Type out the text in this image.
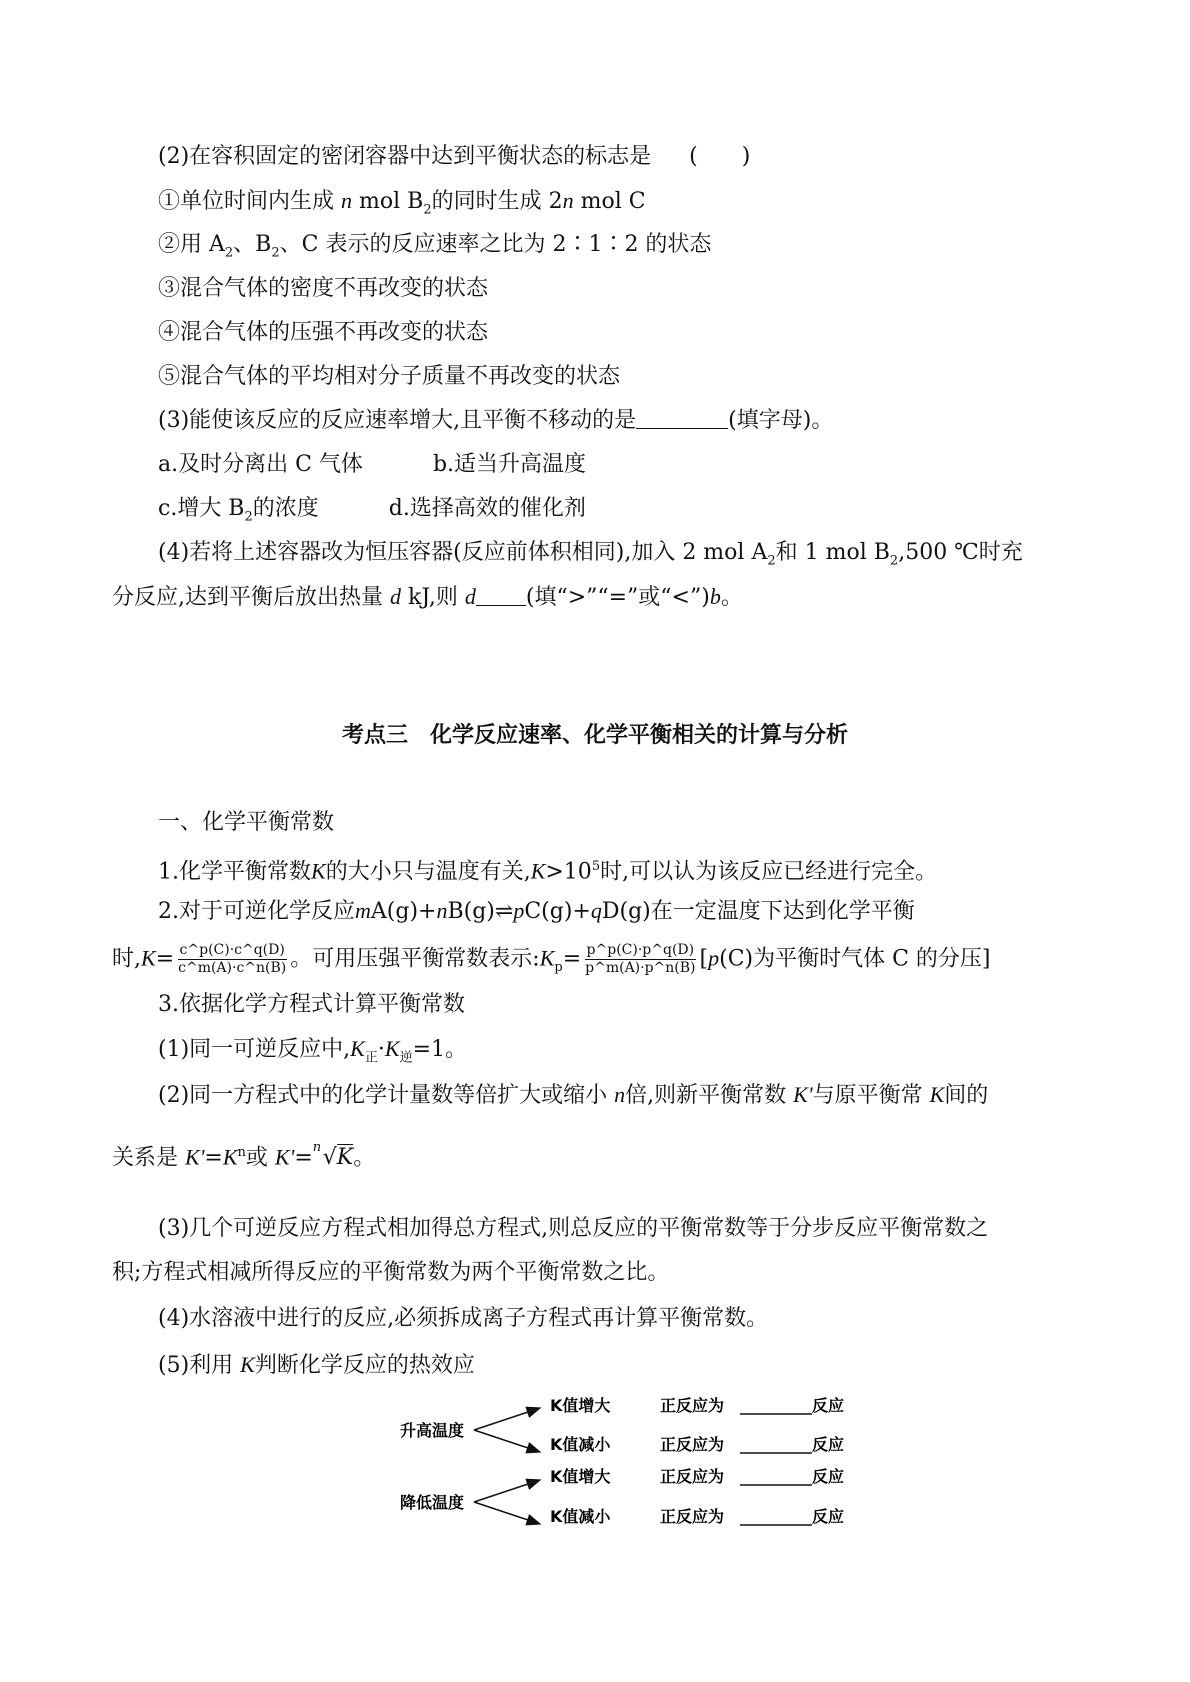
(2)在容积固定的密闭容器中达到平衡状态的标志是 (　　)
①单位时间内生成 n mol $B_2$的同时生成 2n mol C
②用 $A_2$、$B_2$、C 表示的反应速率之比为 2∶1∶2 的状态
③混合气体的密度不再改变的状态
④混合气体的压强不再改变的状态
⑤混合气体的平均相对分子质量不再改变的状态
(3)能使该反应的反应速率增大,且平衡不移动的是	(填字母)。
a.及时分离出 C 气体	b.适当升高温度
c.增大 $B_2$的浓度	d.选择高效的催化剂
(4)若将上述容器改为恒压容器(反应前体积相同),加入 2 mol $A_2$和 1 mol $B_2,500$ ℃时充
分反应,达到平衡后放出热量 d kJ,则 d (填“>”“=”或“<”)b。
考点三　化学反应速率、化学平衡相关的计算与分析
一、化学平衡常数
1.化学平衡常数K的大小只与温度有关$,K>10^5$时,可以认为该反应已经进行完全。
2.对于可逆化学反应mA(g)+nB(g)⇌pC(g)+qD(g)在一定温度下达到化学平衡
时$,K= \frac{c\^{}p(C)\cdot c\^{}q(D)}{c\^{}m(A)\cdot c\^{}n(B)}$ 。可用压强平衡常数表示$:K_p= \frac{p\^{}p(C)\cdot p\^{}q(D)}{p\^{}m(A)\cdot p\^{}n(B)} [p(C)$为平衡时气体 C 的分压]
3.依据化学方程式计算平衡常数
(1)同一可逆反应中$,K_正\cdot K_逆=1$。
(2)同一方程式中的化学计量数等倍扩大或缩小 n倍,则新平衡常数 K'与原平衡常 K间的
关系是 $K'=K^n$或 K'= n √K。
(3)几个可逆反应方程式相加得总方程式,则总反应的平衡常数等于分步反应平衡常数之
积;方程式相减所得反应的平衡常数为两个平衡常数之比。
(4)水溶液中进行的反应,必须拆成离子方程式再计算平衡常数。
(5)利用 K判断化学反应的热效应
升高温度
K值增大
K值减小
正反应为	反应
正反应为	反应
降低温度
K值增大
K值减小
正反应为	反应
正反应为	反应
